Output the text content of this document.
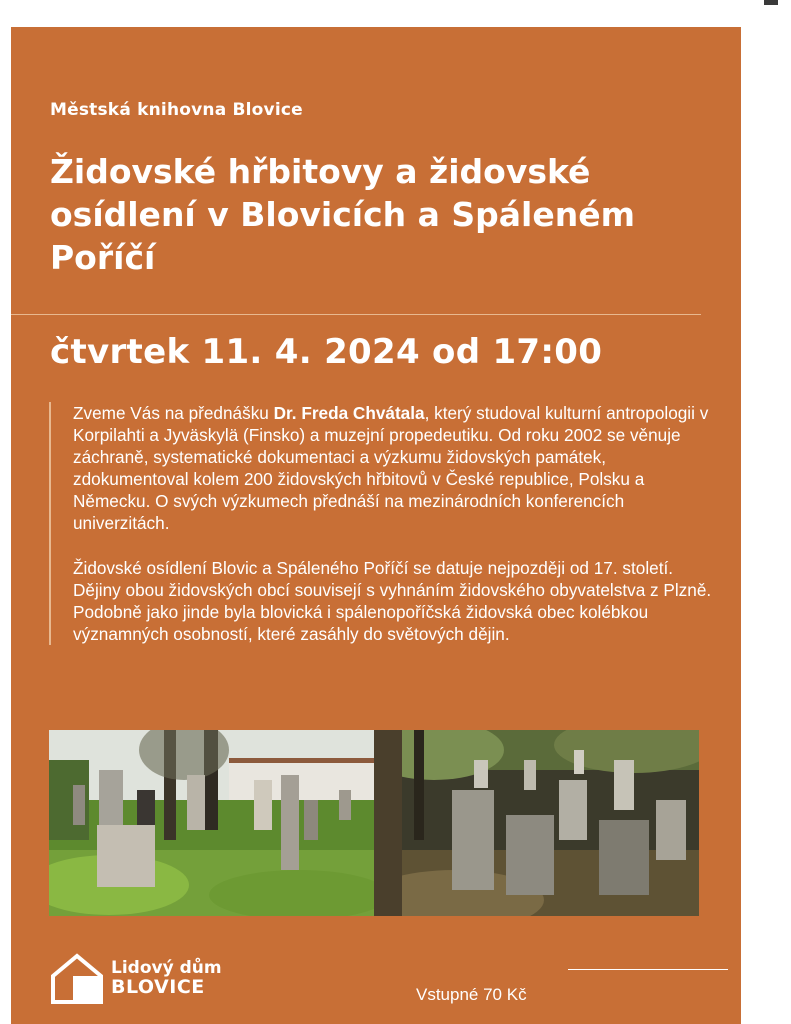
Městská knihovna Blovice
Židovské hřbitovy a židovské osídlení v Blovicích a Spáleném Poříčí
čtvrtek 11. 4. 2024 od 17:00

Zveme Vás na přednášku Dr. Freda Chvátala, který studoval kulturní antropologii v Korpilahti a Jyväskylä (Finsko) a muzejní propedeutiku. Od roku 2002 se věnuje záchraně, systematické dokumentaci a výzkumu židovských památek, zdokumentoval kolem 200 židovských hřbitovů v České republice, Polsku a Německu. O svých výzkumech přednáší na mezinárodních konferencích univerzitách.

Židovské osídlení Blovic a Spáleného Poříčí se datuje nejpozději od 17. století. Dějiny obou židovských obcí souvisejí s vyhnáním židovského obyvatelstva z Plzně. Podobně jako jinde byla blovická i spálenopoříčská židovská obec kolébkou významných osobností, které zasáhly do světových dějin.

Lidový dům
BLOVICE	Vstupné 70 Kč
